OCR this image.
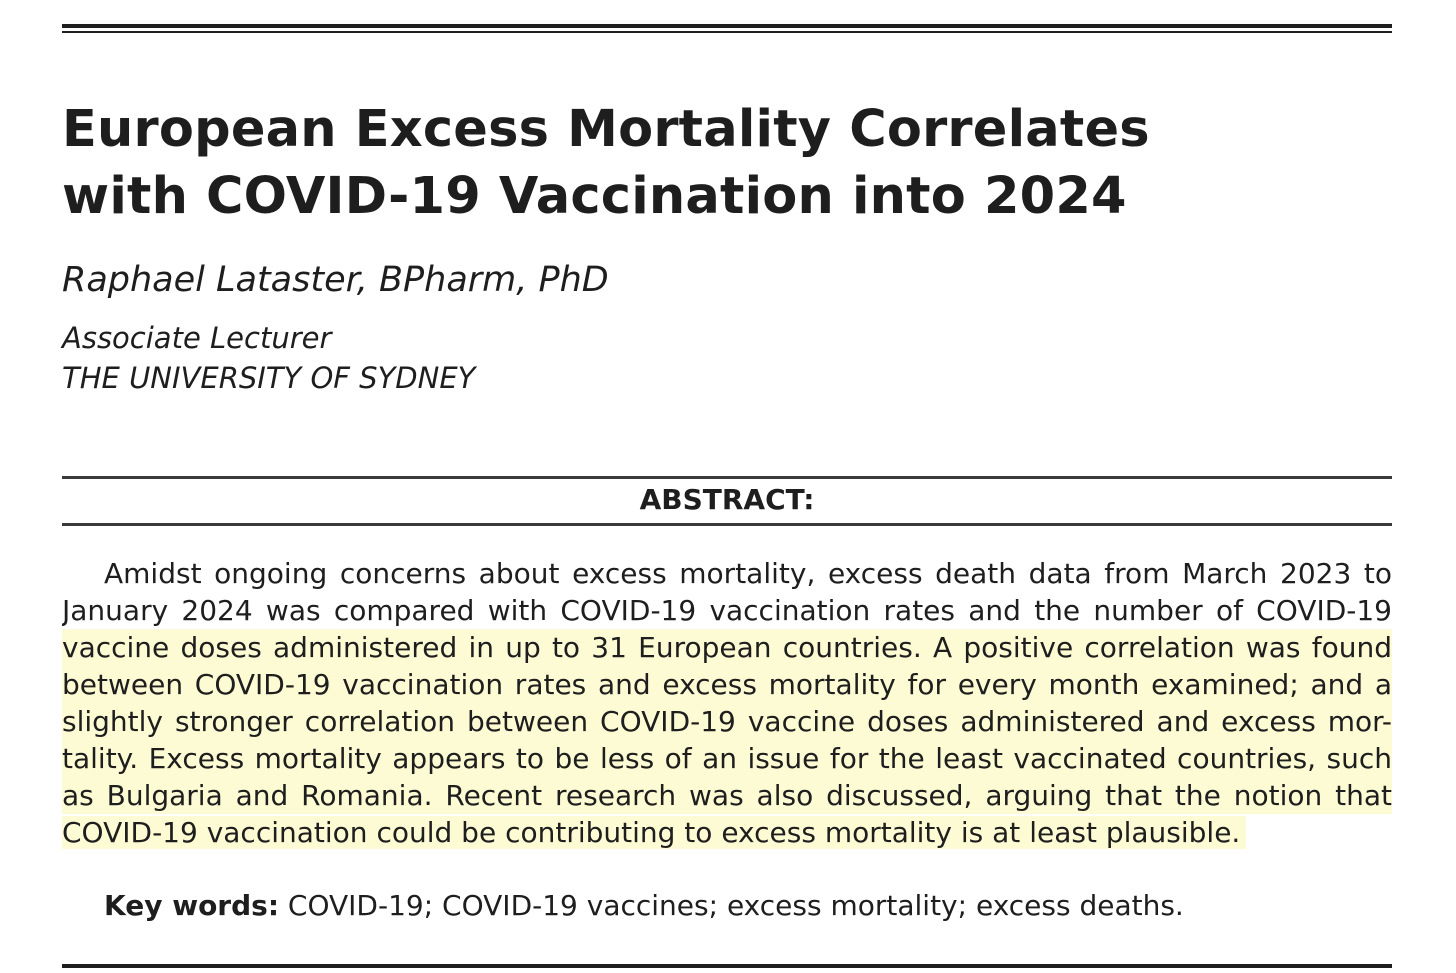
European Excess Mortality Correlates
with COVID-19 Vaccination into 2024
Raphael Lataster, BPharm, PhD
Associate Lecturer
THE UNIVERSITY OF SYDNEY
ABSTRACT:
Amidst ongoing concerns about excess mortality, excess death data from March 2023 to
January 2024 was compared with COVID-19 vaccination rates and the number of COVID-19
vaccine doses administered in up to 31 European countries. A positive correlation was found
between COVID-19 vaccination rates and excess mortality for every month examined; and a
slightly stronger correlation between COVID-19 vaccine doses administered and excess mor-
tality. Excess mortality appears to be less of an issue for the least vaccinated countries, such
as Bulgaria and Romania. Recent research was also discussed, arguing that the notion that
COVID-19 vaccination could be contributing to excess mortality is at least plausible.
Key words: COVID-19; COVID-19 vaccines; excess mortality; excess deaths.
